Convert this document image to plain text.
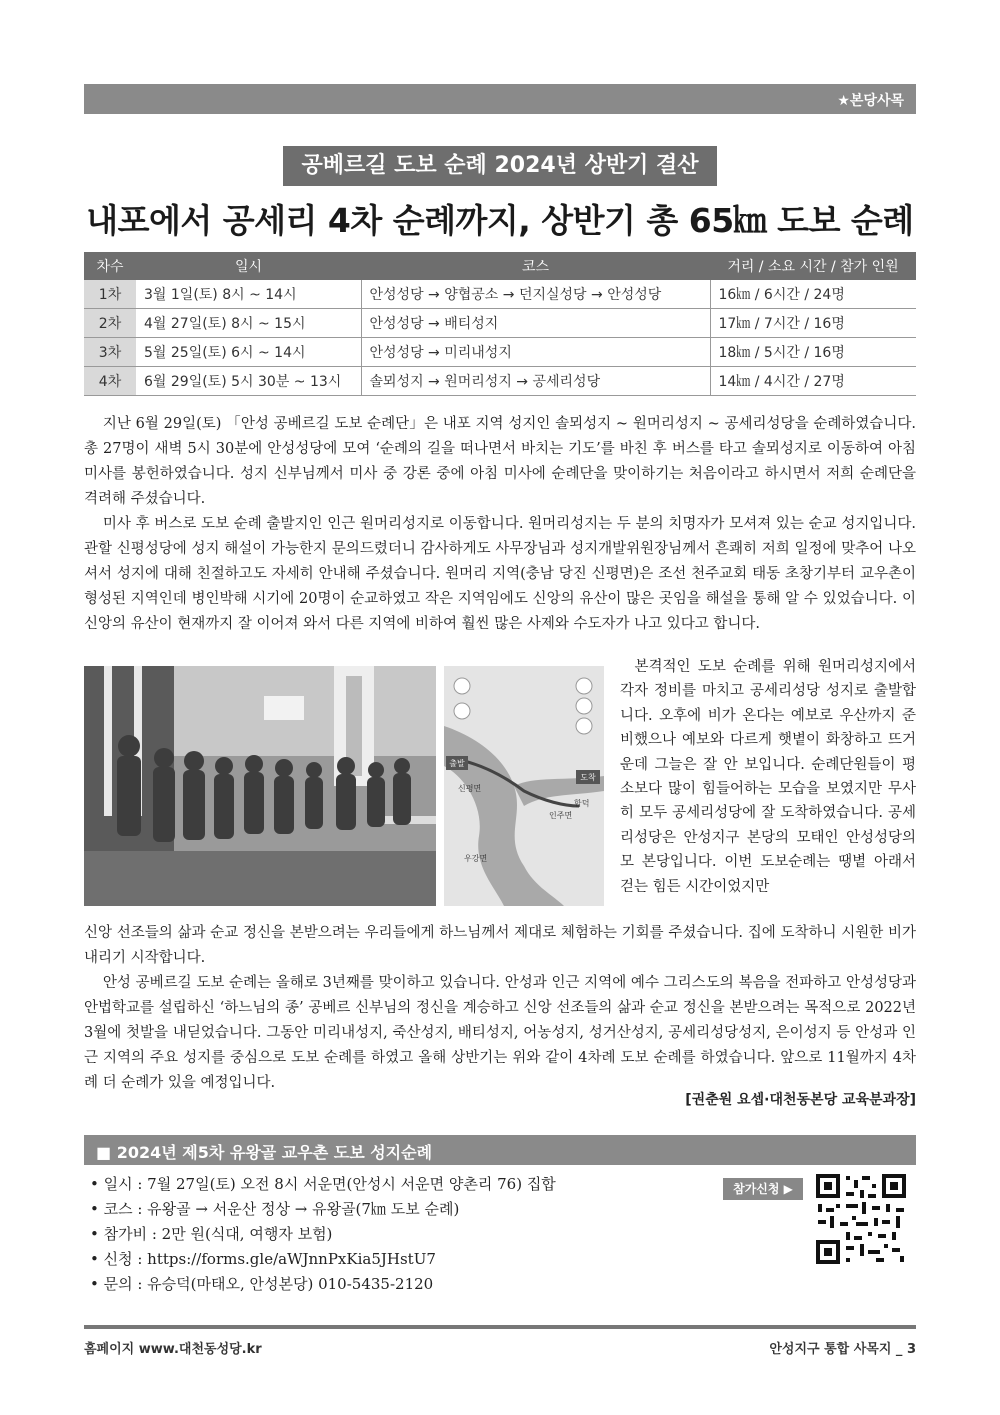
★본당사목
공베르길 도보 순례 2024년 상반기 결산
내포에서 공세리 4차 순례까지, 상반기 총 65㎞ 도보 순례
차수	일시	코스	거리 / 소요 시간 / 참가 인원
1차	3월 1일(토) 8시 ~ 14시	안성성당 → 양협공소 → 던지실성당 → 안성성당	16㎞ / 6시간 / 24명
2차	4월 27일(토) 8시 ~ 15시	안성성당 → 배티성지	17㎞ / 7시간 / 16명
3차	5월 25일(토) 6시 ~ 14시	안성성당 → 미리내성지	18㎞ / 5시간 / 16명
4차	6월 29일(토) 5시 30분 ~ 13시	솔뫼성지 → 원머리성지 → 공세리성당	14㎞ / 4시간 / 27명

지난 6월 29일(토) 「안성 공베르길 도보 순례단」은 내포 지역 성지인 솔뫼성지 ~ 원머리성지 ~ 공세리성당을 순례하였습니다. 총 27명이 새벽 5시 30분에 안성성당에 모여 ‘순례의 길을 떠나면서 바치는 기도’를 바친 후 버스를 타고 솔뫼성지로 이동하여 아침 미사를 봉헌하였습니다. 성지 신부님께서 미사 중 강론 중에 아침 미사에 순례단을 맞이하기는 처음이라고 하시면서 저희 순례단을 격려해 주셨습니다.

미사 후 버스로 도보 순례 출발지인 인근 원머리성지로 이동합니다. 원머리성지는 두 분의 치명자가 모셔져 있는 순교 성지입니다. 관할 신평성당에 성지 해설이 가능한지 문의드렸더니 감사하게도 사무장님과 성지개발위원장님께서 흔쾌히 저희 일정에 맞추어 나오셔서 성지에 대해 친절하고도 자세히 안내해 주셨습니다. 원머리 지역(충남 당진 신평면)은 조선 천주교회 태동 초창기부터 교우촌이 형성된 지역인데 병인박해 시기에 20명이 순교하였고 작은 지역임에도 신앙의 유산이 많은 곳임을 해설을 통해 알 수 있었습니다. 이 신앙의 유산이 현재까지 잘 이어져 와서 다른 지역에 비하여 훨씬 많은 사제와 수도자가 나고 있다고 합니다.

도착
출발
신평면
인주면
우강면
합덕

본격적인 도보 순례를 위해 원머리성지에서 각자 정비를 마치고 공세리성당 성지로 출발합니다. 오후에 비가 온다는 예보로 우산까지 준비했으나 예보와 다르게 햇볕이 화창하고 뜨거운데 그늘은 잘 안 보입니다. 순례단원들이 평소보다 많이 힘들어하는 모습을 보였지만 무사히 모두 공세리성당에 잘 도착하였습니다. 공세리성당은 안성지구 본당의 모태인 안성성당의 모 본당입니다. 이번 도보순례는 땡볕 아래서 걷는 힘든 시간이었지만

신앙 선조들의 삶과 순교 정신을 본받으려는 우리들에게 하느님께서 제대로 체험하는 기회를 주셨습니다. 집에 도착하니 시원한 비가 내리기 시작합니다.

안성 공베르길 도보 순례는 올해로 3년째를 맞이하고 있습니다. 안성과 인근 지역에 예수 그리스도의 복음을 전파하고 안성성당과 안법학교를 설립하신 ‘하느님의 종’ 공베르 신부님의 정신을 계승하고 신앙 선조들의 삶과 순교 정신을 본받으려는 목적으로 2022년 3월에 첫발을 내딛었습니다. 그동안 미리내성지, 죽산성지, 배티성지, 어농성지, 성거산성지, 공세리성당성지, 은이성지 등 안성과 인근 지역의 주요 성지를 중심으로 도보 순례를 하였고 올해 상반기는 위와 같이 4차례 도보 순례를 하였습니다. 앞으로 11월까지 4차례 더 순례가 있을 예정입니다.

[권춘원 요셉·대천동본당 교육분과장]
■ 2024년 제5차 유왕골 교우촌 도보 성지순례
• 일시 : 7월 27일(토) 오전 8시 서운면(안성시 서운면 양촌리 76) 집합
• 코스 : 유왕골 → 서운산 정상 → 유왕골(7㎞ 도보 순례)
• 참가비 : 2만 원(식대, 여행자 보험)
• 신청 : https://forms.gle/aWJnnPxKia5JHstU7
• 문의 : 유승덕(마태오, 안성본당) 010-5435-2120
참가신청 ▶
홈페이지 www.대천동성당.kr	안성지구 통합 사목지 _ 3
